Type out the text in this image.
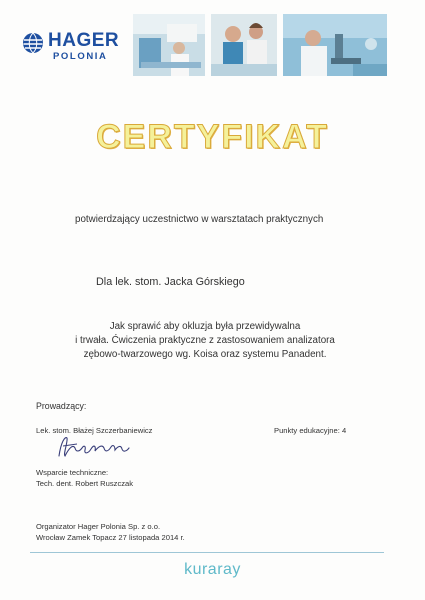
HAGER
POLONIA
CERTYFIKAT
potwierdzający uczestnictwo w warsztatach praktycznych
Dla lek. stom. Jacka Górskiego
Jak sprawić aby okluzja była przewidywalna
i trwała. Ćwiczenia praktyczne z zastosowaniem analizatora
zębowo-twarzowego wg. Koisa oraz systemu Panadent.
Prowadzący:
Lek. stom. Błażej Szczerbaniewicz	Punkty edukacyjne: 4
Wsparcie techniczne:
Tech. dent. Robert Ruszczak
Organizator Hager Polonia Sp. z o.o.
Wrocław Zamek Topacz 27 listopada 2014 r.
kuraray
